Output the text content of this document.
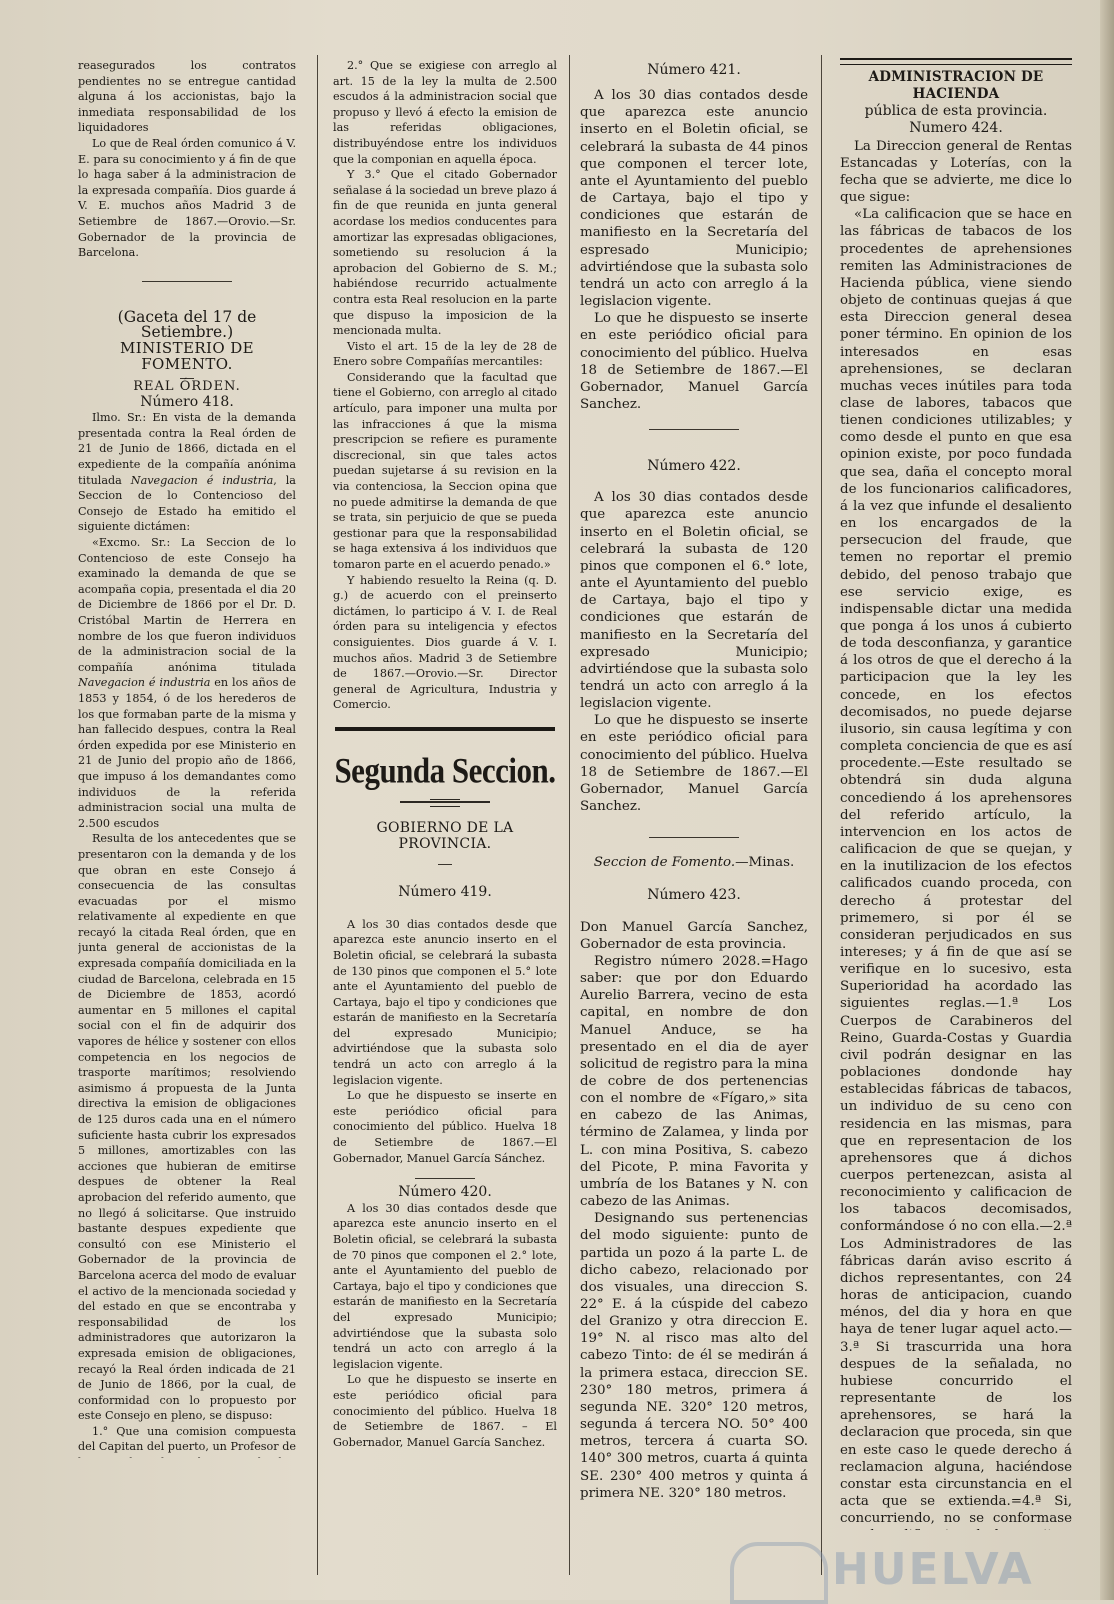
reasegurados los contratos pendientes no se entregue cantidad alguna á los accionistas, bajo la inmediata responsabilidad de los liquidadores

Lo que de Real órden comunico á V. E. para su conocimiento y á fin de que lo haga saber á la administracion de la expresada compañía. Dios guarde á V. E. muchos años Madrid 3 de Setiembre de 1867.—Orovio.—Sr. Gobernador de la provincia de Barcelona.

(Gaceta del 17 de Setiembre.)

MINISTERIO DE FOMENTO.

REAL ÓRDEN.

Número 418.

Ilmo. Sr.: En vista de la demanda presentada contra la Real órden de 21 de Junio de 1866, dictada en el expediente de la compañía anónima titulada Navegacion é industria, la Seccion de lo Contencioso del Consejo de Estado ha emitido el siguiente dictámen:

«Excmo. Sr.: La Seccion de lo Contencioso de este Consejo ha examinado la demanda de que se acompaña copia, presentada el dia 20 de Diciembre de 1866 por el Dr. D. Cristóbal Martin de Herrera en nombre de los que fueron individuos de la administracion social de la compañía anónima titulada Navegacion é industria en los años de 1853 y 1854, ó de los herederos de los que formaban parte de la misma y han fallecido despues, contra la Real órden expedida por ese Ministerio en 21 de Junio del propio año de 1866, que impuso á los demandantes como individuos de la referida administracion social una multa de 2.500 escudos

Resulta de los antecedentes que se presentaron con la demanda y de los que obran en este Consejo á consecuencia de las consultas evacuadas por el mismo relativamente al expediente en que recayó la citada Real órden, que en junta general de accionistas de la expresada compañía domiciliada en la ciudad de Barcelona, celebrada en 15 de Diciembre de 1853, acordó aumentar en 5 millones el capital social con el fin de adquirir dos vapores de hélice y sostener con ellos competencia en los negocios de trasporte marítimos; resolviendo asimismo á propuesta de la Junta directiva la emision de obligaciones de 125 duros cada una en el número suficiente hasta cubrir los expresados 5 millones, amortizables con las acciones que hubieran de emitirse despues de obtener la Real aprobacion del referido aumento, que no llegó á solicitarse. Que instruido bastante despues expediente que consultó con ese Ministerio el Gobernador de la provincia de Barcelona acerca del modo de evaluar el activo de la mencionada sociedad y del estado en que se encontraba y responsabilidad de los administradores que autorizaron la expresada emision de obligaciones, recayó la Real órden indicada de 21 de Junio de 1866, por la cual, de conformidad con lo propuesto por este Consejo en pleno, se dispuso:

1.° Que una comision compuesta del Capitan del puerto, un Profesor de

2.° Que se exigiese con arreglo al art. 15 de la ley la multa de 2.500 escudos á la administracion social que propuso y llevó á efecto la emision de las referidas obligaciones, distribuyéndose entre los individuos que la componian en aquella época.

Y 3.° Que el citado Gobernador señalase á la sociedad un breve plazo á fin de que reunida en junta general acordase los medios conducentes para amortizar las expresadas obligaciones, sometiendo su resolucion á la aprobacion del Gobierno de S. M.; habiéndose recurrido actualmente contra esta Real resolucion en la parte que dispuso la imposicion de la mencionada multa.

Visto el art. 15 de la ley de 28 de Enero sobre Compañías mercantiles:

Considerando que la facultad que tiene el Gobierno, con arreglo al citado artículo, para imponer una multa por las infracciones á que la misma prescripcion se refiere es puramente discrecional, sin que tales actos puedan sujetarse á su revision en la via contenciosa, la Seccion opina que no puede admitirse la demanda de que se trata, sin perjuicio de que se pueda gestionar para que la responsabilidad se haga extensiva á los individuos que tomaron parte en el acuerdo penado.»

Y habiendo resuelto la Reina (q. D. g.) de acuerdo con el preinserto dictámen, lo participo á V. I. de Real órden para su inteligencia y efectos consiguientes. Dios guarde á V. I. muchos años. Madrid 3 de Setiembre de 1867.—Orovio.—Sr. Director general de Agricultura, Industria y Comercio.

Segunda Seccion.

GOBIERNO DE LA PROVINCIA.

Número 419.

A los 30 dias contados desde que aparezca este anuncio inserto en el Boletin oficial, se celebrará la subasta de 130 pinos que componen el 5.° lote ante el Ayuntamiento del pueblo de Cartaya, bajo el tipo y condiciones que estarán de manifiesto en la Secretaría del expresado Municipio; advirtiéndose que la subasta solo tendrá un acto con arreglo á la legislacion vigente.

Lo que he dispuesto se inserte en este periódico oficial para conocimiento del público. Huelva 18 de Setiembre de 1867.—El Gobernador, Manuel García Sánchez.

Número 420.

A los 30 dias contados desde que aparezca este anuncio inserto en el Boletin oficial, se celebrará la subasta de 70 pinos que componen el 2.° lote, ante el Ayuntamiento del pueblo de Cartaya, bajo el tipo y condiciones que estarán de manifiesto en la Secretaría del expresado Municipio; advirtiéndose que la subasta solo tendrá un acto con arreglo á la legislacion vigente.

Lo que he dispuesto se inserte en este periódico oficial para conocimiento del público. Huelva 18 de Setiembre de 1867. – El Gobernador, Manuel García Sanchez.

Número 421.

A los 30 dias contados desde que aparezca este anuncio inserto en el Boletin oficial, se celebrará la subasta de 44 pinos que componen el tercer lote, ante el Ayuntamiento del pueblo de Cartaya, bajo el tipo y condiciones que estarán de manifiesto en la Secretaría del espresado Municipio; advirtiéndose que la subasta solo tendrá un acto con arreglo á la legislacion vigente.

Lo que he dispuesto se inserte en este periódico oficial para conocimiento del público. Huelva 18 de Setiembre de 1867.—El Gobernador, Manuel García Sanchez.

Número 422.

A los 30 dias contados desde que aparezca este anuncio inserto en el Boletin oficial, se celebrará la subasta de 120 pinos que componen el 6.° lote, ante el Ayuntamiento del pueblo de Cartaya, bajo el tipo y condiciones que estarán de manifiesto en la Secretaría del expresado Municipio; advirtiéndose que la subasta solo tendrá un acto con arreglo á la legislacion vigente.

Lo que he dispuesto se inserte en este periódico oficial para conocimiento del público. Huelva 18 de Setiembre de 1867.—El Gobernador, Manuel García Sanchez.

Seccion de Fomento.—Minas.

Número 423.

Don Manuel García Sanchez, Gobernador de esta provincia.

Registro número 2028.=Hago saber: que por don Eduardo Aurelio Barrera, vecino de esta capital, en nombre de don Manuel Anduce, se ha presentado en el dia de ayer solicitud de registro para la mina de cobre de dos pertenencias con el nombre de «Fígaro,» sita en cabezo de las Animas, término de Zalamea, y linda por L. con mina Positiva, S. cabezo del Picote, P. mina Favorita y umbría de los Batanes y N. con cabezo de las Animas.

Designando sus pertenencias del modo siguiente: punto de partida un pozo á la parte L. de dicho cabezo, relacionado por dos visuales, una direccion S. 22° E. á la cúspide del cabezo del Granizo y otra direccion E. 19° N. al risco mas alto del cabezo Tinto: de él se medirán á la primera estaca, direccion SE. 230° 180 metros, primera á segunda NE. 320° 120 metros, segunda á tercera NO. 50° 400 metros, tercera á cuarta SO. 140° 300 metros, cuarta á quinta SE. 230° 400 metros y quinta á primera NE. 320° 180 metros.

ADMINISTRACION DE HACIENDA

pública de esta provincia.

Numero 424.

La Direccion general de Rentas Estancadas y Loterías, con la fecha que se advierte, me dice lo que sigue:

«La calificacion que se hace en las fábricas de tabacos de los procedentes de aprehensiones remiten las Administraciones de Hacienda pública, viene siendo objeto de continuas quejas á que esta Direccion general desea poner término. En opinion de los interesados en esas aprehensiones, se declaran muchas veces inútiles para toda clase de labores, tabacos que tienen condiciones utilizables; y como desde el punto en que esa opinion existe, por poco fundada que sea, daña el concepto moral de los funcionarios calificadores, á la vez que infunde el desaliento en los encargados de la persecucion del fraude, que temen no reportar el premio debido, del penoso trabajo que ese servicio exige, es indispensable dictar una medida que ponga á los unos á cubierto de toda desconfianza, y garantice á los otros de que el derecho á la participacion que la ley les concede, en los efectos decomisados, no puede dejarse ilusorio, sin causa legítima y con completa conciencia de que es así procedente.—Este resultado se obtendrá sin duda alguna concediendo á los aprehensores del referido artículo, la intervencion en los actos de calificacion de que se quejan, y en la inutilizacion de los efectos calificados cuando proceda, con derecho á protestar del primemero, si por él se consideran perjudicados en sus intereses; y á fin de que así se verifique en lo sucesivo, esta Superioridad ha acordado las siguientes reglas.—1.ª Los Cuerpos de Carabineros del Reino, Guarda-Costas y Guardia civil podrán designar en las poblaciones dondonde hay establecidas fábricas de tabacos, un individuo de su ceno con residencia en las mismas, para que en representacion de los aprehensores que á dichos cuerpos pertenezcan, asista al reconocimiento y calificacion de los tabacos decomisados, conformándose ó no con ella.—2.ª Los Administradores de las fábricas darán aviso escrito á dichos representantes, con 24 horas de anticipacion, cuando ménos, del dia y hora en que haya de tener lugar aquel acto.—3.ª Si trascurrida una hora despues de la señalada, no hubiese concurrido el representante de los aprehensores, se hará la declaracion que proceda, sin que en este caso le quede derecho á reclamacion alguna, haciéndose constar esta circunstancia en el acta que se extienda.=4.ª Si, concurriendo, no se conformase

HUELVA
